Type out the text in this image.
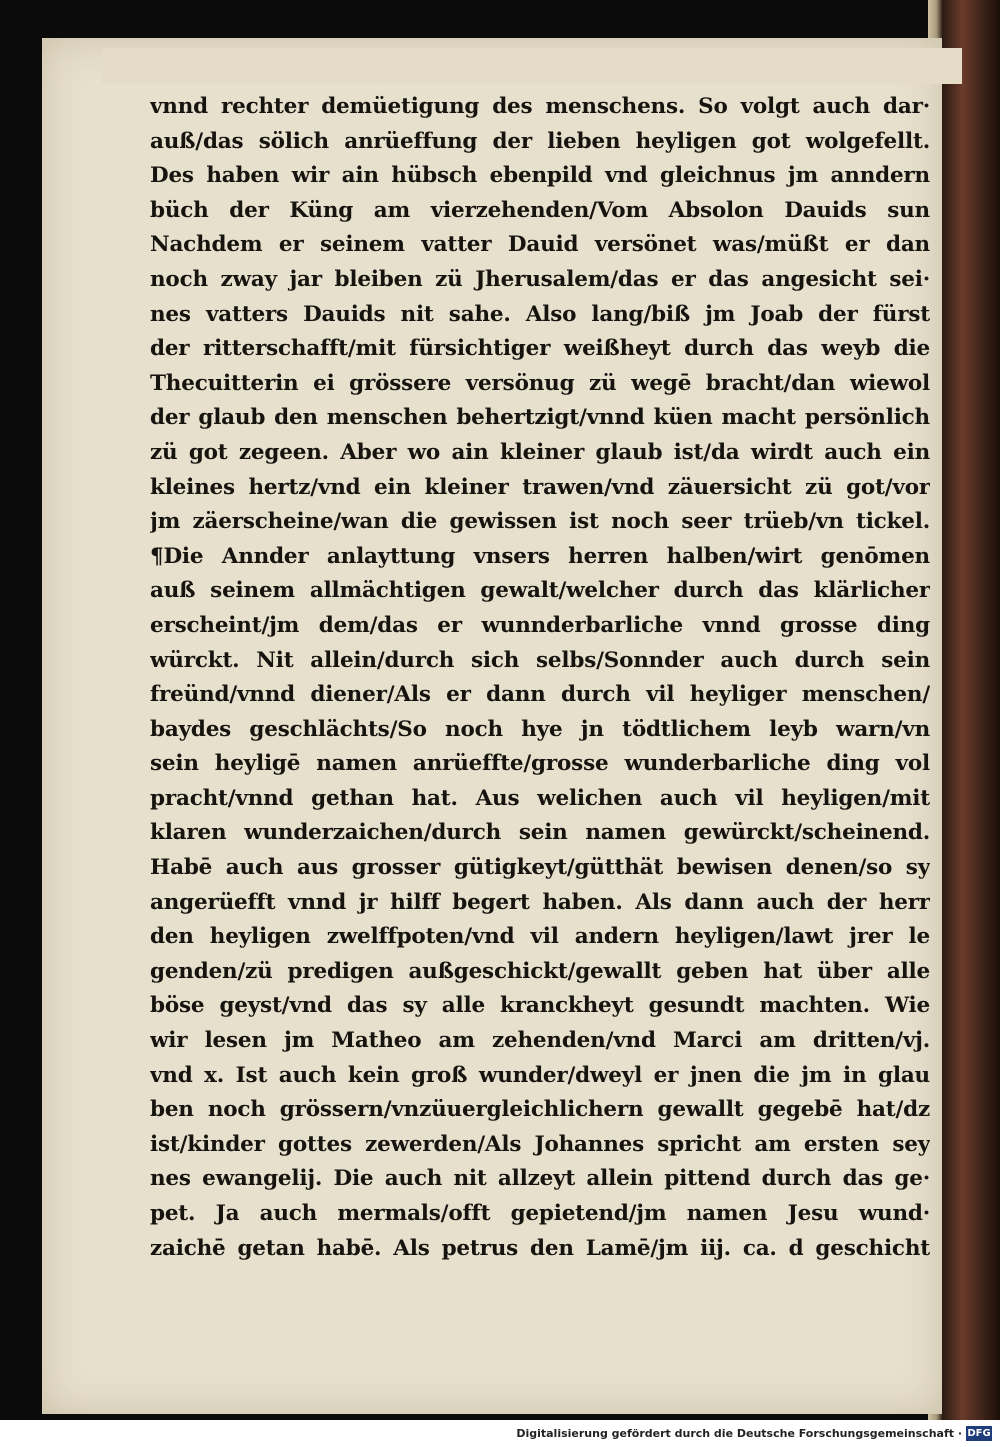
vnnd rechter demüetigung des menschens. So volgt auch dar·
auß/das sölich anrüeffung der lieben heyligen got wolgefellt.
Des haben wir ain hübsch ebenpild vnd gleichnus jm anndern
büch der Küng am vierzehenden/Vom Absolon Dauids sun
Nachdem er seinem vatter Dauid versönet was/müßt er dan
noch zway jar bleiben zü Jherusalem/das er das angesicht sei·
nes vatters Dauids nit sahe. Also lang/biß jm Joab der fürst
der ritterschafft/mit fürsichtiger weißheyt durch das weyb die
Thecuitterin ei grössere versönug zü wegē bracht/dan wiewol
der glaub den menschen behertzigt/vnnd küen macht persönlich
zü got zegeen. Aber wo ain kleiner glaub ist/da wirdt auch ein
kleines hertz/vnd ein kleiner trawen/vnd zäuersicht zü got/vor
jm zäerscheine/wan die gewissen ist noch seer trüeb/vn tickel.
¶Die Annder anlayttung vnsers herren halben/wirt genōmen
auß seinem allmächtigen gewalt/welcher durch das klärlicher
erscheint/jm dem/das er wunnderbarliche vnnd grosse ding
würckt. Nit allein/durch sich selbs/Sonnder auch durch sein
freünd/vnnd diener/Als er dann durch vil heyliger menschen/
baydes geschlächts/So noch hye jn tödtlichem leyb warn/vn
sein heyligē namen anrüeffte/grosse wunderbarliche ding vol
pracht/vnnd gethan hat. Aus welichen auch vil heyligen/mit
klaren wunderzaichen/durch sein namen gewürckt/scheinend.
Habē auch aus grosser gütigkeyt/gütthät bewisen denen/so sy
angerüefft vnnd jr hilff begert haben. Als dann auch der herr
den heyligen zwelffpoten/vnd vil andern heyligen/lawt jrer le
genden/zü predigen außgeschickt/gewallt geben hat über alle
böse geyst/vnd das sy alle kranckheyt gesundt machten. Wie
wir lesen jm Matheo am zehenden/vnd Marci am dritten/vj.
vnd x. Ist auch kein groß wunder/dweyl er jnen die jm in glau
ben noch grössern/vnzüuergleichlichern gewallt gegebē hat/dz
ist/kinder gottes zewerden/Als Johannes spricht am ersten sey
nes ewangelij. Die auch nit allzeyt allein pittend durch das ge·
pet. Ja auch mermals/offt gepietend/jm namen Jesu wund·
zaichē getan habē. Als petrus den Lamē/jm iij. ca. d geschicht
Digitalisierung gefördert durch die Deutsche Forschungsgemeinschaft · DFG
